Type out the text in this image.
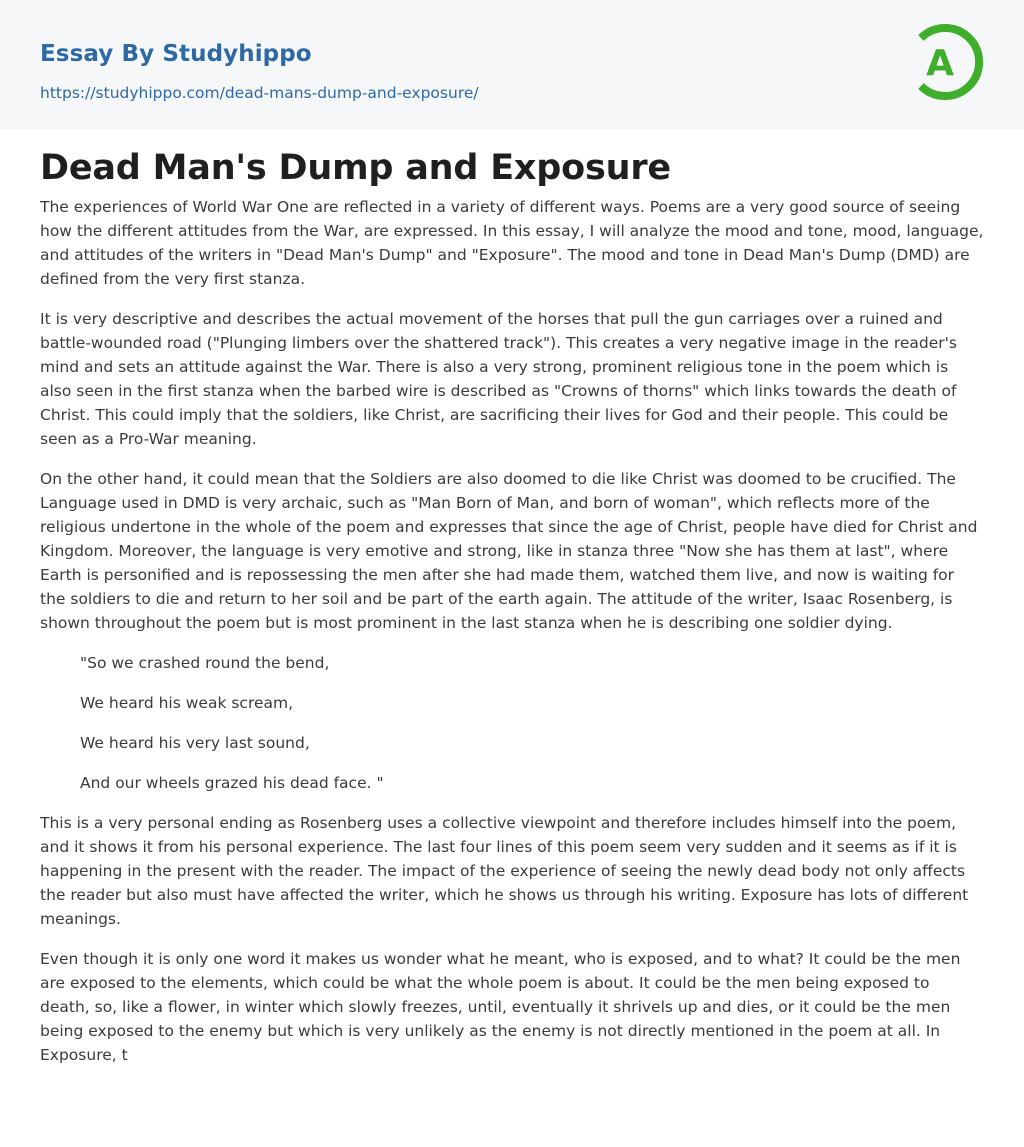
Essay By Studyhippo
https://studyhippo.com/dead-mans-dump-and-exposure/
A
Dead Man's Dump and Exposure

The experiences of World War One are reflected in a variety of different ways. Poems are a very good source of seeing how the different attitudes from the War, are expressed. In this essay, I will analyze the mood and tone, mood, language, and attitudes of the writers in "Dead Man's Dump" and "Exposure". The mood and tone in Dead Man's Dump (DMD) are defined from the very first stanza.

It is very descriptive and describes the actual movement of the horses that pull the gun carriages over a ruined and battle-wounded road ("Plunging limbers over the shattered track"). This creates a very negative image in the reader's mind and sets an attitude against the War. There is also a very strong, prominent religious tone in the poem which is also seen in the first stanza when the barbed wire is described as "Crowns of thorns" which links towards the death of Christ. This could imply that the soldiers, like Christ, are sacrificing their lives for God and their people. This could be seen as a Pro-War meaning.

On the other hand, it could mean that the Soldiers are also doomed to die like Christ was doomed to be crucified. The Language used in DMD is very archaic, such as "Man Born of Man, and born of woman", which reflects more of the religious undertone in the whole of the poem and expresses that since the age of Christ, people have died for Christ and Kingdom. Moreover, the language is very emotive and strong, like in stanza three "Now she has them at last", where Earth is personified and is repossessing the men after she had made them, watched them live, and now is waiting for the soldiers to die and return to her soil and be part of the earth again. The attitude of the writer, Isaac Rosenberg, is shown throughout the poem but is most prominent in the last stanza when he is describing one soldier dying.

"So we crashed round the bend,

We heard his weak scream,

We heard his very last sound,

And our wheels grazed his dead face. "

This is a very personal ending as Rosenberg uses a collective viewpoint and therefore includes himself into the poem, and it shows it from his personal experience. The last four lines of this poem seem very sudden and it seems as if it is happening in the present with the reader. The impact of the experience of seeing the newly dead body not only affects the reader but also must have affected the writer, which he shows us through his writing. Exposure has lots of different meanings.

Even though it is only one word it makes us wonder what he meant, who is exposed, and to what? It could be the men are exposed to the elements, which could be what the whole poem is about. It could be the men being exposed to death, so, like a flower, in winter which slowly freezes, until, eventually it shrivels up and dies, or it could be the men being exposed to the enemy but which is very unlikely as the enemy is not directly mentioned in the poem at all. In Exposure, t
